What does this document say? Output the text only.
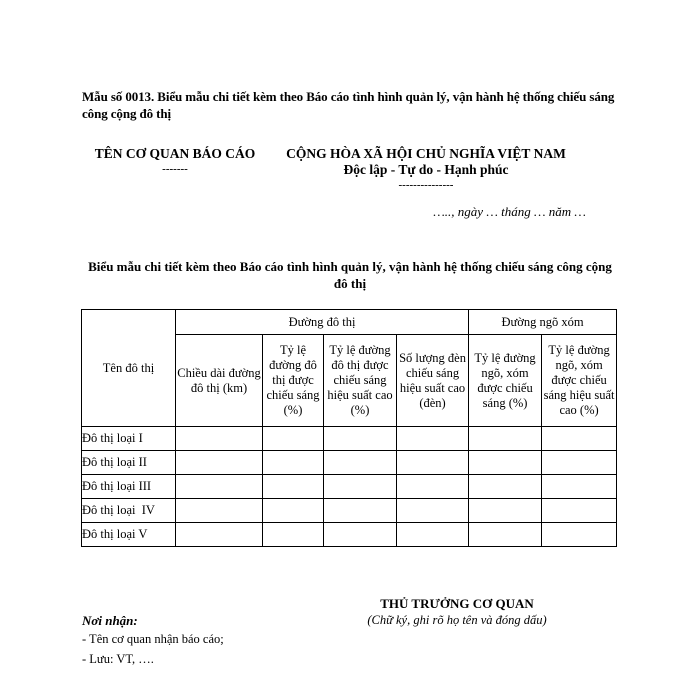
Mẫu số 0013. Biểu mẫu chi tiết kèm theo Báo cáo tình hình quản lý, vận hành hệ thống chiếu sáng công cộng đô thị
TÊN CƠ QUAN BÁO CÁO
-------
CỘNG HÒA XÃ HỘI CHỦ NGHĨA VIỆT NAM
Độc lập - Tự do - Hạnh phúc
---------------
….., ngày … tháng … năm …
Biểu mẫu chi tiết kèm theo Báo cáo tình hình quản lý, vận hành hệ thống chiếu sáng công cộng đô thị
Tên đô thị	Đường đô thị				Đường ngõ xóm	
	Chiều dài đường đô thị (km)	Tỷ lệ đường đô thị được chiếu sáng (%)	Tỷ lệ đường đô thị được chiếu sáng hiệu suất cao (%)	Số lượng đèn chiếu sáng hiệu suất cao (đèn)	Tỷ lệ đường ngõ, xóm được chiếu sáng (%)	Tỷ lệ đường ngõ, xóm được chiếu sáng hiệu suất cao (%)
Đô thị loại I						
Đô thị loại II						
Đô thị loại III						
Đô thị loại  IV						
Đô thị loại V						
THỦ TRƯỞNG CƠ QUAN
(Chữ ký, ghi rõ họ tên và đóng dấu)
Nơi nhận:
- Tên cơ quan nhận báo cáo;
- Lưu: VT, ….
